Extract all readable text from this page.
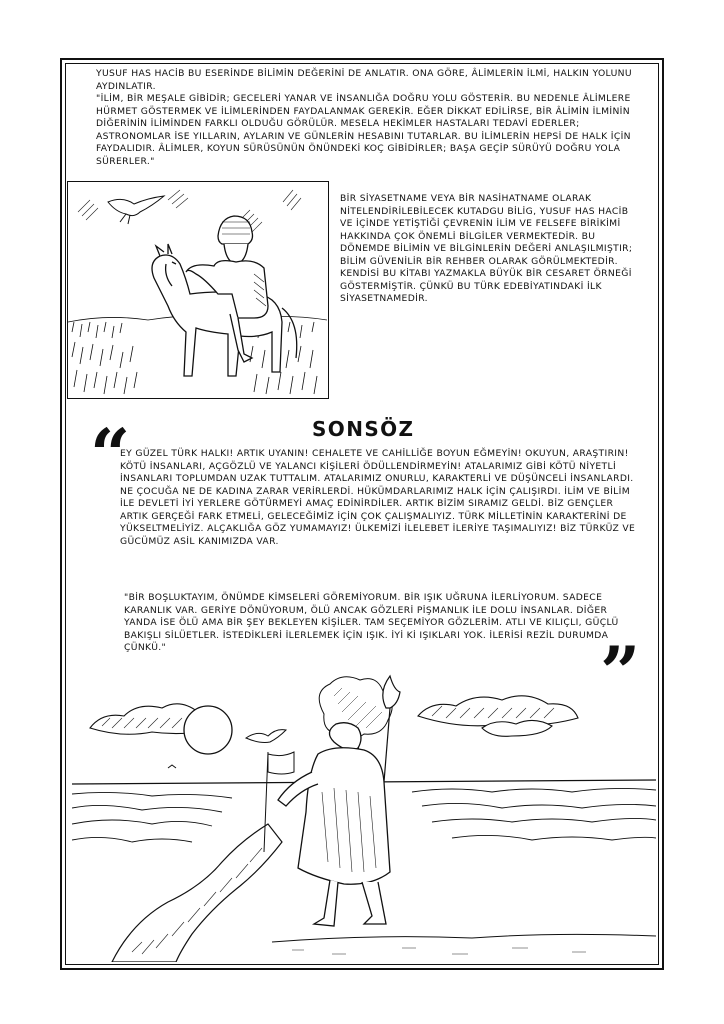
YUSUF HAS HACİB BU ESERİNDE BİLİMİN DEĞERİNİ DE ANLATIR. ONA GÖRE, ÂLİMLERİN İLMİ, HALKIN YOLUNU AYDINLATIR.

"İLİM, BİR MEŞALE GİBİDİR; GECELERİ YANAR VE İNSANLIĞA DOĞRU YOLU GÖSTERİR. BU NEDENLE ÂLİMLERE HÜRMET GÖSTERMEK VE İLİMLERİNDEN FAYDALANMAK GEREKİR. EĞER DİKKAT EDİLİRSE, BİR ÂLİMİN İLMİNİN DİĞERİNİN İLİMİNDEN FARKLI OLDUĞU GÖRÜLÜR. MESELA HEKİMLER HASTALARI TEDAVİ EDERLER; ASTRONOMLAR İSE YILLARIN, AYLARIN VE GÜNLERİN HESABINI TUTARLAR. BU İLİMLERİN HEPSİ DE HALK İÇİN FAYDALIDIR. ÂLİMLER, KOYUN SÜRÜSÜNÜN ÖNÜNDEKİ KOÇ GİBİDİRLER; BAŞA GEÇİP SÜRÜYÜ DOĞRU YOLA SÜRERLER."

BİR SİYASETNAME VEYA BİR NASİHATNAME OLARAK NİTELENDİRİLEBİLECEK KUTADGU BİLİG, YUSUF HAS HACİB VE İÇİNDE YETİŞTİĞİ ÇEVRENİN İLİM VE FELSEFE BİRİKİMİ HAKKINDA ÇOK ÖNEMLİ BİLGİLER VERMEKTEDİR. BU DÖNEMDE BİLİMİN VE BİLGİNLERİN DEĞERİ ANLAŞILMIŞTIR; BİLİM GÜVENİLİR BİR REHBER OLARAK GÖRÜLMEKTEDİR. KENDİSİ BU KİTABI YAZMAKLA BÜYÜK BİR CESARET ÖRNEĞİ GÖSTERMİŞTİR. ÇÜNKÜ BU TÜRK EDEBİYATINDAKİ İLK SİYASETNAMEDİR.
SONSÖZ
“
EY GÜZEL TÜRK HALKI! ARTIK UYANIN! CEHALETE VE CAHİLLİĞE BOYUN EĞMEYİN! OKUYUN, ARAŞTIRIN! KÖTÜ İNSANLARI, AÇGÖZLÜ VE YALANCI KİŞİLERİ ÖDÜLLENDİRMEYİN! ATALARIMIZ GİBİ KÖTÜ NİYETLİ İNSANLARI TOPLUMDAN UZAK TUTTALIM. ATALARIMIZ ONURLU, KARAKTERLİ VE DÜŞÜNCELİ İNSANLARDI. NE ÇOCUĞA NE DE KADINA ZARAR VERİRLERDİ. HÜKÜMDARLARIMIZ HALK İÇİN ÇALIŞIRDI. İLİM VE BİLİM İLE DEVLETİ İYİ YERLERE GÖTÜRMEYİ AMAÇ EDİNİRDİLER. ARTIK BİZİM SIRAMIZ GELDİ. BİZ GENÇLER ARTIK GERÇEĞİ FARK ETMELİ, GELECEĞİMİZ İÇİN ÇOK ÇALIŞMALIYIZ. TÜRK MİLLETİNİN KARAKTERİNİ DE YÜKSELTMELİYİZ. ALÇAKLIĞA GÖZ YUMAMAYIZ! ÜLKEMİZİ İLELEBET İLERİYE TAŞIMALIYIZ! BİZ TÜRKÜZ VE GÜCÜMÜZ ASİL KANIMIZDA VAR.
"BİR BOŞLUKTAYIM, ÖNÜMDE KİMSELERİ GÖREMİYORUM. BİR IŞIK UĞRUNA İLERLİYORUM. SADECE KARANLIK VAR. GERİYE DÖNÜYORUM, ÖLÜ ANCAK GÖZLERİ PİŞMANLIK İLE DOLU İNSANLAR. DİĞER YANDA İSE ÖLÜ AMA BİR ŞEY BEKLEYEN KİŞİLER. TAM SEÇEMİYOR GÖZLERİM. ATLI VE KILIÇLI, GÜÇLÜ BAKIŞLI SİLÜETLER. İSTEDİKLERİ İLERLEMEK İÇİN IŞIK. İYİ Kİ IŞIKLARI YOK. İLERİSİ REZİL DURUMDA ÇÜNKÜ."	”
